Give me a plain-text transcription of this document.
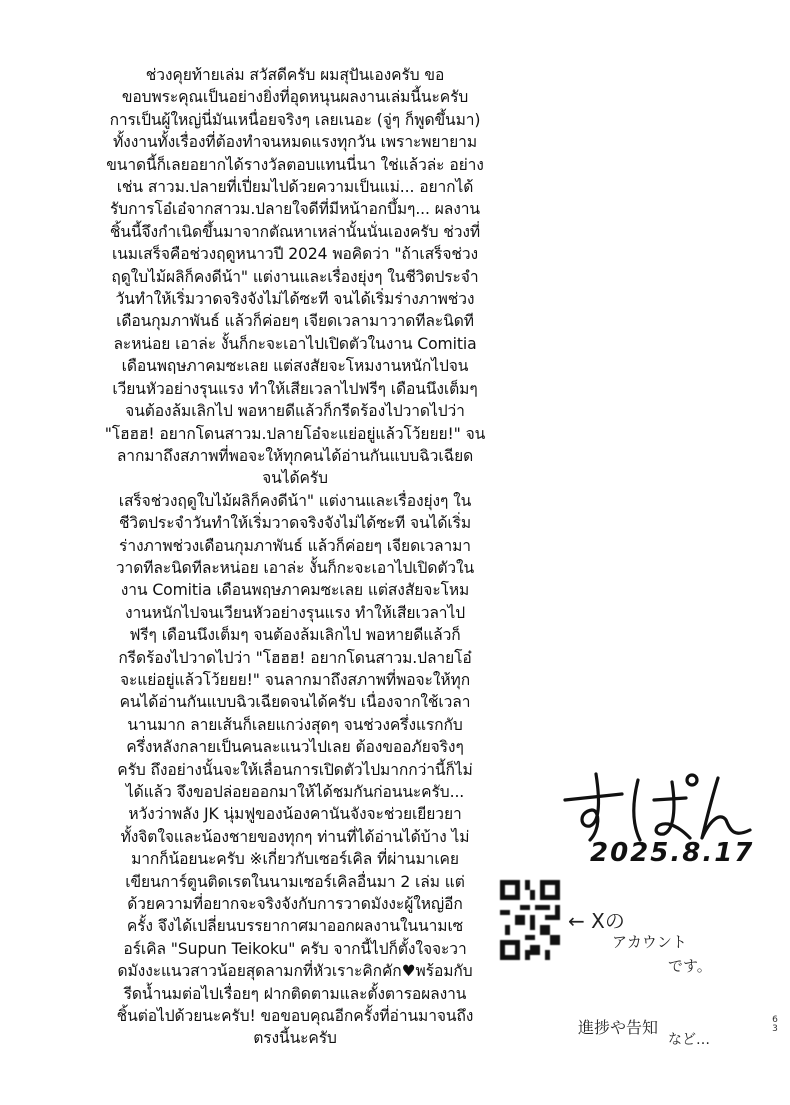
ช่วงคุยท้ายเล่ม สวัสดีครับ ผมสุปันเองครับ ขอ
ขอบพระคุณเป็นอย่างยิ่งที่อุดหนุนผลงานเล่มนี้นะครับ
การเป็นผู้ใหญ่นี่มันเหนื่อยจริงๆ เลยเนอะ (จู่ๆ ก็พูดขึ้นมา)
ทั้งงานทั้งเรื่องที่ต้องทำจนหมดแรงทุกวัน เพราะพยายาม
ขนาดนี้ก็เลยอยากได้รางวัลตอบแทนนี่นา ใช่แล้วล่ะ อย่าง
เช่น สาวม.ปลายที่เปี่ยมไปด้วยความเป็นแม่... อยากได้
รับการโอ๋เอ๋จากสาวม.ปลายใจดีที่มีหน้าอกบึ้มๆ... ผลงาน
ชิ้นนี้จึงกำเนิดขึ้นมาจากตัณหาเหล่านั้นนั่นเองครับ ช่วงที่
เนมเสร็จคือช่วงฤดูหนาวปี 2024 พอคิดว่า "ถ้าเสร็จช่วง
ฤดูใบไม้ผลิก็คงดีน้า" แต่งานและเรื่องยุ่งๆ ในชีวิตประจำ
วันทำให้เริ่มวาดจริงจังไม่ได้ซะที จนได้เริ่มร่างภาพช่วง
เดือนกุมภาพันธ์ แล้วก็ค่อยๆ เจียดเวลามาวาดทีละนิดที
ละหน่อย เอาล่ะ งั้นก็กะจะเอาไปเปิดตัวในงาน Comitia
เดือนพฤษภาคมซะเลย แต่สงสัยจะโหมงานหนักไปจน
เวียนหัวอย่างรุนแรง ทำให้เสียเวลาไปฟรีๆ เดือนนึงเต็มๆ
จนต้องล้มเลิกไป พอหายดีแล้วก็กรีดร้องไปวาดไปว่า
"โฮฮฮ! อยากโดนสาวม.ปลายโอ๋จะแย่อยู่แล้วโว้ยยย!" จน
ลากมาถึงสภาพที่พอจะให้ทุกคนได้อ่านกันแบบฉิวเฉียด
จนได้ครับ
เสร็จช่วงฤดูใบไม้ผลิก็คงดีน้า" แต่งานและเรื่องยุ่งๆ ใน
ชีวิตประจำวันทำให้เริ่มวาดจริงจังไม่ได้ซะที จนได้เริ่ม
ร่างภาพช่วงเดือนกุมภาพันธ์ แล้วก็ค่อยๆ เจียดเวลามา
วาดทีละนิดทีละหน่อย เอาล่ะ งั้นก็กะจะเอาไปเปิดตัวใน
งาน Comitia เดือนพฤษภาคมซะเลย แต่สงสัยจะโหม
งานหนักไปจนเวียนหัวอย่างรุนแรง ทำให้เสียเวลาไป
ฟรีๆ เดือนนึงเต็มๆ จนต้องล้มเลิกไป พอหายดีแล้วก็
กรีดร้องไปวาดไปว่า "โฮฮฮ! อยากโดนสาวม.ปลายโอ๋
จะแย่อยู่แล้วโว้ยยย!" จนลากมาถึงสภาพที่พอจะให้ทุก
คนได้อ่านกันแบบฉิวเฉียดจนได้ครับ เนื่องจากใช้เวลา
นานมาก ลายเส้นก็เลยแกว่งสุดๆ จนช่วงครึ่งแรกกับ
ครึ่งหลังกลายเป็นคนละแนวไปเลย ต้องขออภัยจริงๆ
ครับ ถึงอย่างนั้นจะให้เลื่อนการเปิดตัวไปมากกว่านี้ก็ไม่
ได้แล้ว จึงขอปล่อยออกมาให้ได้ชมกันก่อนนะครับ...
หวังว่าพลัง JK นุ่มฟูของน้องคานันจังจะช่วยเยียวยา
ทั้งจิตใจและน้องชายของทุกๆ ท่านที่ได้อ่านได้บ้าง ไม่
มากก็น้อยนะครับ ※เกี่ยวกับเซอร์เคิล ที่ผ่านมาเคย
เขียนการ์ตูนติดเรตในนามเซอร์เคิลอื่นมา 2 เล่ม แต่
ด้วยความที่อยากจะจริงจังกับการวาดมังงะผู้ใหญ่อีก
ครั้ง จึงได้เปลี่ยนบรรยากาศมาออกผลงานในนามเซ
อร์เคิล "Supun Teikoku" ครับ จากนี้ไปก็ตั้งใจจะวา
ดมังงะแนวสาวน้อยสุดลามกที่หัวเราะคิกคัก♥พร้อมกับ
รีดน้ำนมต่อไปเรื่อยๆ ฝากติดตามและตั้งตารอผลงาน
ชิ้นต่อไปด้วยนะครับ! ขอขอบคุณอีกครั้งที่อ่านมาจนถึง
ตรงนี้นะครับ

2025.8.17
← Xの
アカウント
です。
進捗や告知
など…
6
3
